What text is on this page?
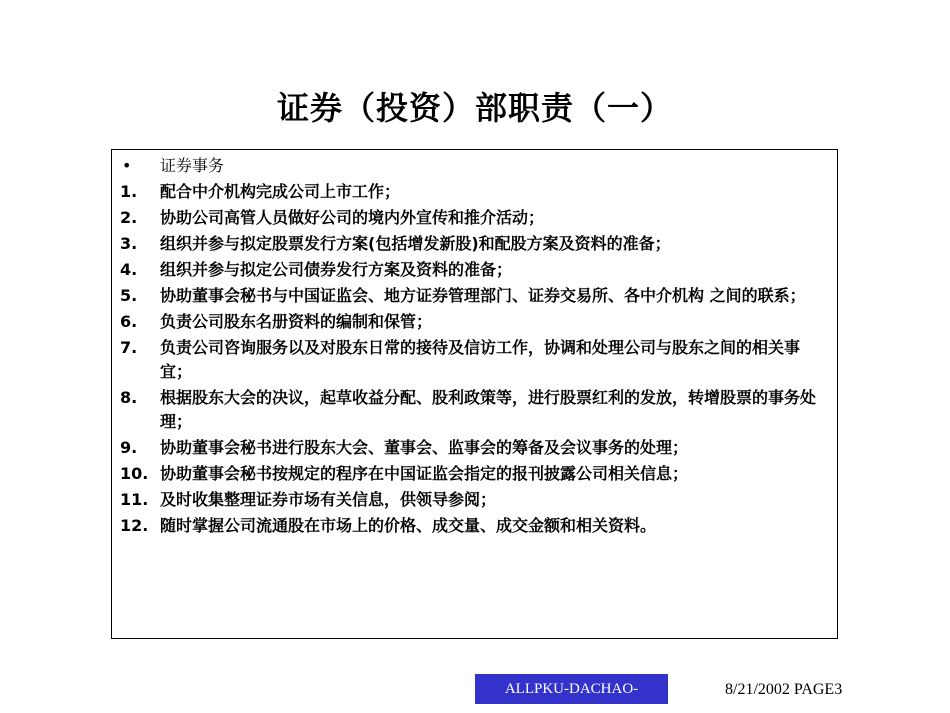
证券（投资）部职责（一）
•	证券事务
1.	配合中介机构完成公司上市工作；
2.	协助公司高管人员做好公司的境内外宣传和推介活动；
3.	组织并参与拟定股票发行方案(包括增发新股)和配股方案及资料的准备；
4.	组织并参与拟定公司债券发行方案及资料的准备；
5.	协助董事会秘书与中国证监会、地方证券管理部门、证券交易所、各中介机构 之间的联系；
6.	负责公司股东名册资料的编制和保管；
7.	负责公司咨询服务以及对股东日常的接待及信访工作，协调和处理公司与股东之间的相关事宜；
8.	根据股东大会的决议，起草收益分配、股利政策等，进行股票红利的发放，转增股票的事务处理；
9.	协助董事会秘书进行股东大会、董事会、监事会的筹备及会议事务的处理；
10. 协助董事会秘书按规定的程序在中国证监会指定的报刊披露公司相关信息；
11. 及时收集整理证券市场有关信息，供领导参阅；
12. 随时掌握公司流通股在市场上的价格、成交量、成交金额和相关资料。
ALLPKU-DACHAO-	8/21/2002 PAGE3
